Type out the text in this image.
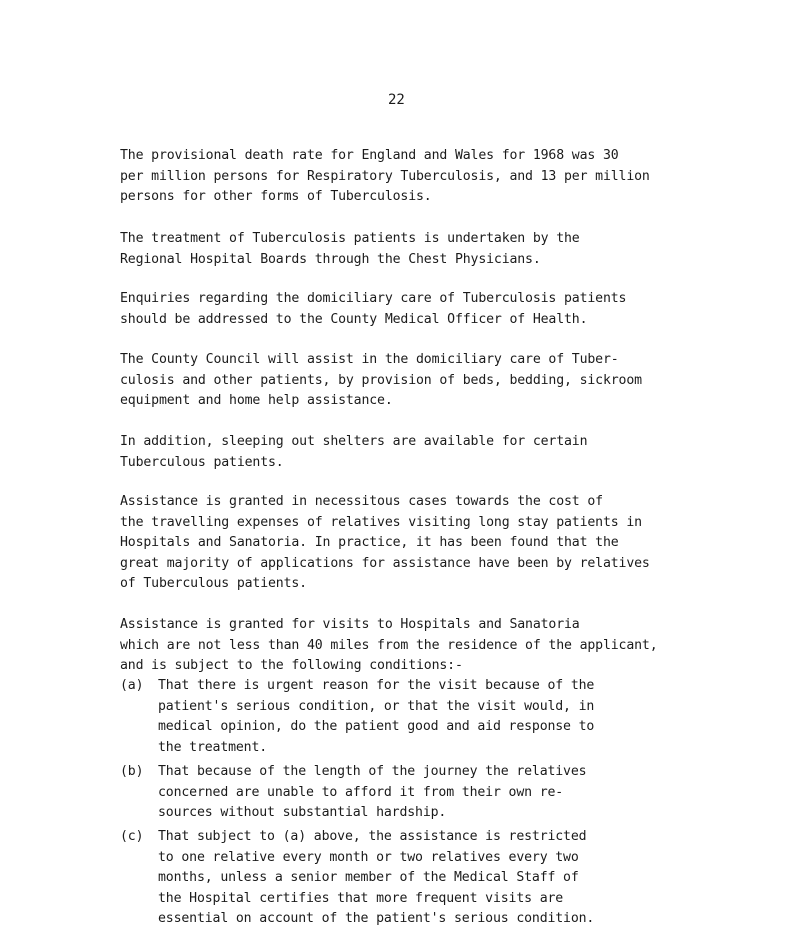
22
The provisional death rate for England and Wales for 1968 was 30
per million persons for Respiratory Tuberculosis, and 13 per million
persons for other forms of Tuberculosis.
The treatment of Tuberculosis patients is undertaken by the
Regional Hospital Boards through the Chest Physicians.
Enquiries regarding the domiciliary care of Tuberculosis patients
should be addressed to the County Medical Officer of Health.
The County Council will assist in the domiciliary care of Tuber-
culosis and other patients, by provision of beds, bedding, sickroom
equipment and home help assistance.
In addition, sleeping out shelters are available for certain
Tuberculous patients.
Assistance is granted in necessitous cases towards the cost of
the travelling expenses of relatives visiting long stay patients in
Hospitals and Sanatoria. In practice, it has been found that the
great majority of applications for assistance have been by relatives
of Tuberculous patients.
Assistance is granted for visits to Hospitals and Sanatoria
which are not less than 40 miles from the residence of the applicant,
and is subject to the following conditions:-
(a) That there is urgent reason for the visit because of the
patient's serious condition, or that the visit would, in
medical opinion, do the patient good and aid response to
the treatment.
(b) That because of the length of the journey the relatives
concerned are unable to afford it from their own re-
sources without substantial hardship.
(c) That subject to (a) above, the assistance is restricted
to one relative every month or two relatives every two
months, unless a senior member of the Medical Staff of
the Hospital certifies that more frequent visits are
essential on account of the patient's serious condition.
